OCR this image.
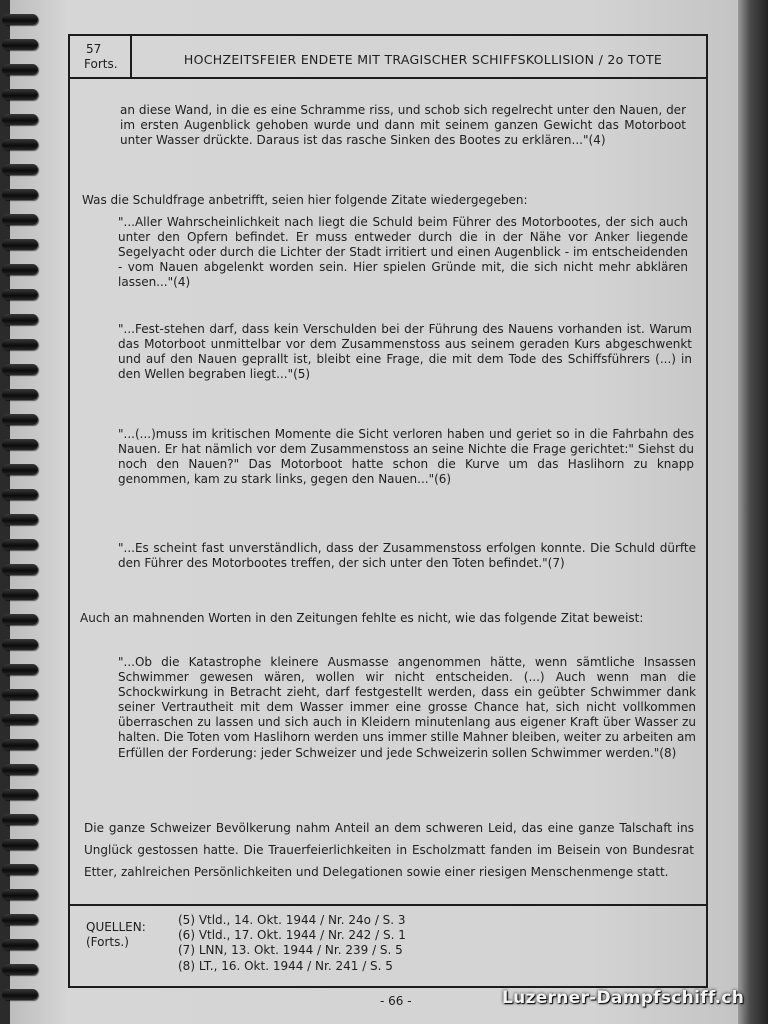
57
Forts.	HOCHZEITSFEIER ENDETE MIT TRAGISCHER SCHIFFSKOLLISION / 2o TOTE

an diese Wand, in die es eine Schramme riss, und schob sich regelrecht unter den Nauen, der im ersten Augenblick gehoben wurde und dann mit seinem ganzen Gewicht das Motorboot unter Wasser drückte. Daraus ist das rasche Sinken des Bootes zu erklären..."(4)

Was die Schuldfrage anbetrifft, seien hier folgende Zitate wiedergegeben:

"...Aller Wahrscheinlichkeit nach liegt die Schuld beim Führer des Motorbootes, der sich auch unter den Opfern befindet. Er muss entweder durch die in der Nähe vor Anker liegende Segelyacht oder durch die Lichter der Stadt irritiert und einen Augenblick - im entscheidenden - vom Nauen abgelenkt worden sein. Hier spielen Gründe mit, die sich nicht mehr abklären lassen..."(4)

"...Fest-stehen darf, dass kein Verschulden bei der Führung des Nauens vorhanden ist. Warum das Motorboot unmittelbar vor dem Zusammenstoss aus seinem geraden Kurs abgeschwenkt und auf den Nauen geprallt ist, bleibt eine Frage, die mit dem Tode des Schiffsführers (...) in den Wellen begraben liegt..."(5)

"...(...)muss im kritischen Momente die Sicht verloren haben und geriet so in die Fahrbahn des Nauen. Er hat nämlich vor dem Zusammenstoss an seine Nichte die Frage gerichtet:" Siehst du noch den Nauen?" Das Motorboot hatte schon die Kurve um das Haslihorn zu knapp genommen, kam zu stark links, gegen den Nauen..."(6)

"...Es scheint fast unverständlich, dass der Zusammenstoss erfolgen konnte. Die Schuld dürfte den Führer des Motorbootes treffen, der sich unter den Toten befindet."(7)

Auch an mahnenden Worten in den Zeitungen fehlte es nicht, wie das folgende Zitat beweist:

"...Ob die Katastrophe kleinere Ausmasse angenommen hätte, wenn sämtliche Insassen Schwimmer gewesen wären, wollen wir nicht entscheiden. (...) Auch wenn man die Schockwirkung in Betracht zieht, darf festgestellt werden, dass ein geübter Schwimmer dank seiner Vertrautheit mit dem Wasser immer eine grosse Chance hat, sich nicht vollkommen überraschen zu lassen und sich auch in Kleidern minutenlang aus eigener Kraft über Wasser zu halten. Die Toten vom Haslihorn werden uns immer stille Mahner bleiben, weiter zu arbeiten am Erfüllen der Forderung: jeder Schweizer und jede Schweizerin sollen Schwimmer werden."(8)

Die ganze Schweizer Bevölkerung nahm Anteil an dem schweren Leid, das eine ganze Talschaft ins Unglück gestossen hatte. Die Trauerfeierlichkeiten in Escholzmatt fanden im Beisein von Bundesrat Etter, zahlreichen Persönlichkeiten und Delegationen sowie einer riesigen Menschenmenge statt.

QUELLEN:
(Forts.)
(5) Vtld., 14. Okt. 1944 / Nr. 24o / S. 3
(6) Vtld., 17. Okt. 1944 / Nr. 242 / S. 1
(7) LNN, 13. Okt. 1944 / Nr. 239 / S. 5
(8) LT., 16. Okt. 1944 / Nr. 241 / S. 5
- 66 -	Luzerner-Dampfschiff.ch
